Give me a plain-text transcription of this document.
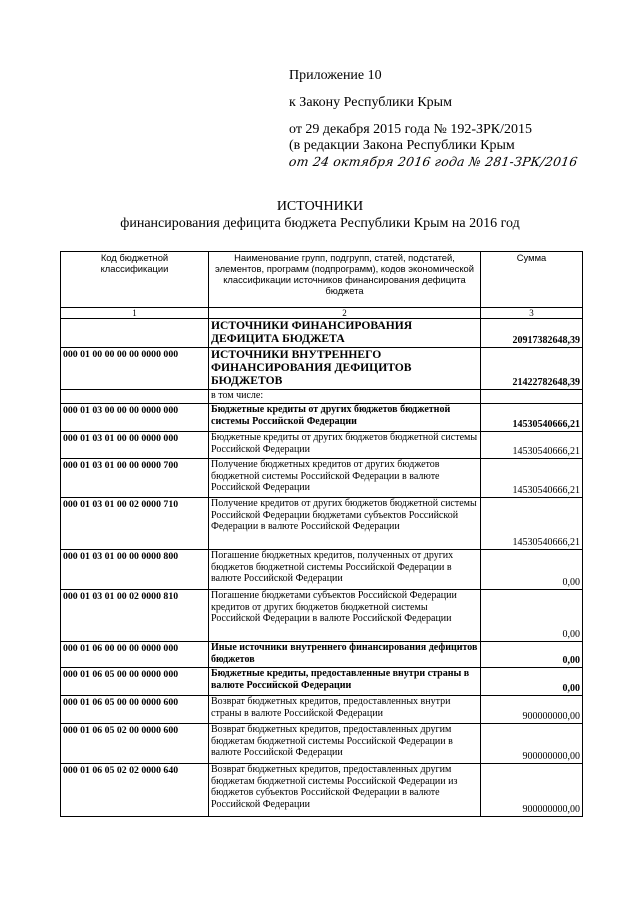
Приложение 10
к Закону Республики Крым
от 29 декабря 2015 года № 192-ЗРК/2015
(в редакции Закона Республики Крым
от 24 октября 2016 года № 281-ЗРК/2016
ИСТОЧНИКИ
финансирования дефицита бюджета Республики Крым на 2016 год
Код бюджетной классификации	Наименование групп, подгрупп, статей, подстатей, элементов, программ (подпрограмм), кодов экономической классификации источников финансирования дефицита бюджета	Сумма
1	2	3
	ИСТОЧНИКИ ФИНАНСИРОВАНИЯ ДЕФИЦИТА БЮДЖЕТА	20917382648,39
000 01 00 00 00 00 0000 000	ИСТОЧНИКИ ВНУТРЕННЕГО ФИНАНСИРОВАНИЯ ДЕФИЦИТОВ БЮДЖЕТОВ	21422782648,39
	в том числе:	
000 01 03 00 00 00 0000 000	Бюджетные кредиты от других бюджетов бюджетной системы Российской Федерации	14530540666,21
000 01 03 01 00 00 0000 000	Бюджетные кредиты от других бюджетов бюджетной системы Российской Федерации	14530540666,21
000 01 03 01 00 00 0000 700	Получение бюджетных кредитов от других бюджетов бюджетной системы Российской Федерации в валюте Российской Федерации	14530540666,21
000 01 03 01 00 02 0000 710	Получение кредитов от других бюджетов бюджетной системы Российской Федерации бюджетами субъектов Российской Федерации в валюте Российской Федерации	14530540666,21
000 01 03 01 00 00 0000 800	Погашение бюджетных кредитов, полученных от других бюджетов бюджетной системы Российской Федерации в валюте Российской Федерации	0,00
000 01 03 01 00 02 0000 810	Погашение бюджетами субъектов Российской Федерации кредитов от других бюджетов бюджетной системы Российской Федерации в валюте Российской Федерации	0,00
000 01 06 00 00 00 0000 000	Иные источники внутреннего финансирования дефицитов бюджетов	0,00
000 01 06 05 00 00 0000 000	Бюджетные кредиты, предоставленные внутри страны в валюте Российской Федерации	0,00
000 01 06 05 00 00 0000 600	Возврат бюджетных кредитов, предоставленных внутри страны в валюте Российской Федерации	900000000,00
000 01 06 05 02 00 0000 600	Возврат бюджетных кредитов, предоставленных другим бюджетам бюджетной системы Российской Федерации в валюте Российской Федерации	900000000,00
000 01 06 05 02 02 0000 640	Возврат бюджетных кредитов, предоставленных другим бюджетам бюджетной системы Российской Федерации из бюджетов субъектов Российской Федерации в валюте Российской Федерации	900000000,00
